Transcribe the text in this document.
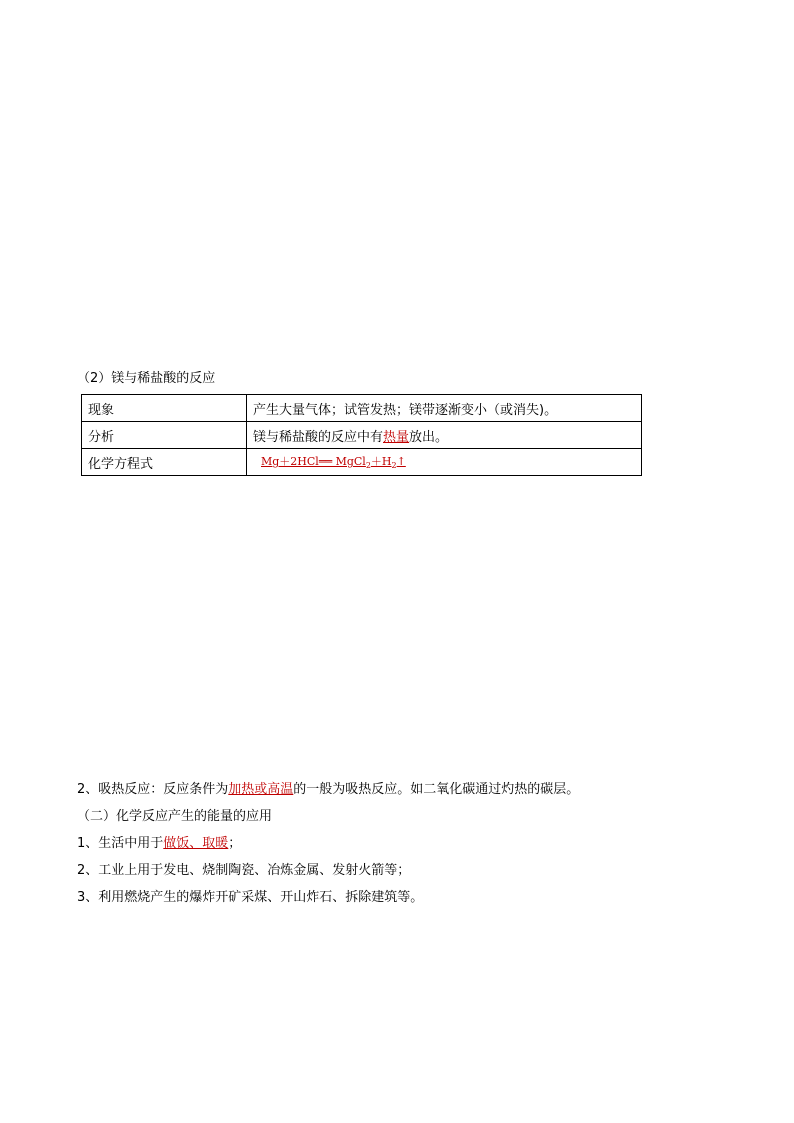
（2）镁与稀盐酸的反应
现象	产生大量气体；试管发热；镁带逐渐变小（或消失)。
分析	镁与稀盐酸的反应中有热量放出。
化学方程式	Mg＋2HCl══ $MgCl_2+H_2↑$
2、吸热反应：反应条件为加热或高温的一般为吸热反应。如二氧化碳通过灼热的碳层。
（二）化学反应产生的能量的应用
1、生活中用于做饭、取暖；
2、工业上用于发电、烧制陶瓷、冶炼金属、发射火箭等；
3、利用燃烧产生的爆炸开矿采煤、开山炸石、拆除建筑等。
